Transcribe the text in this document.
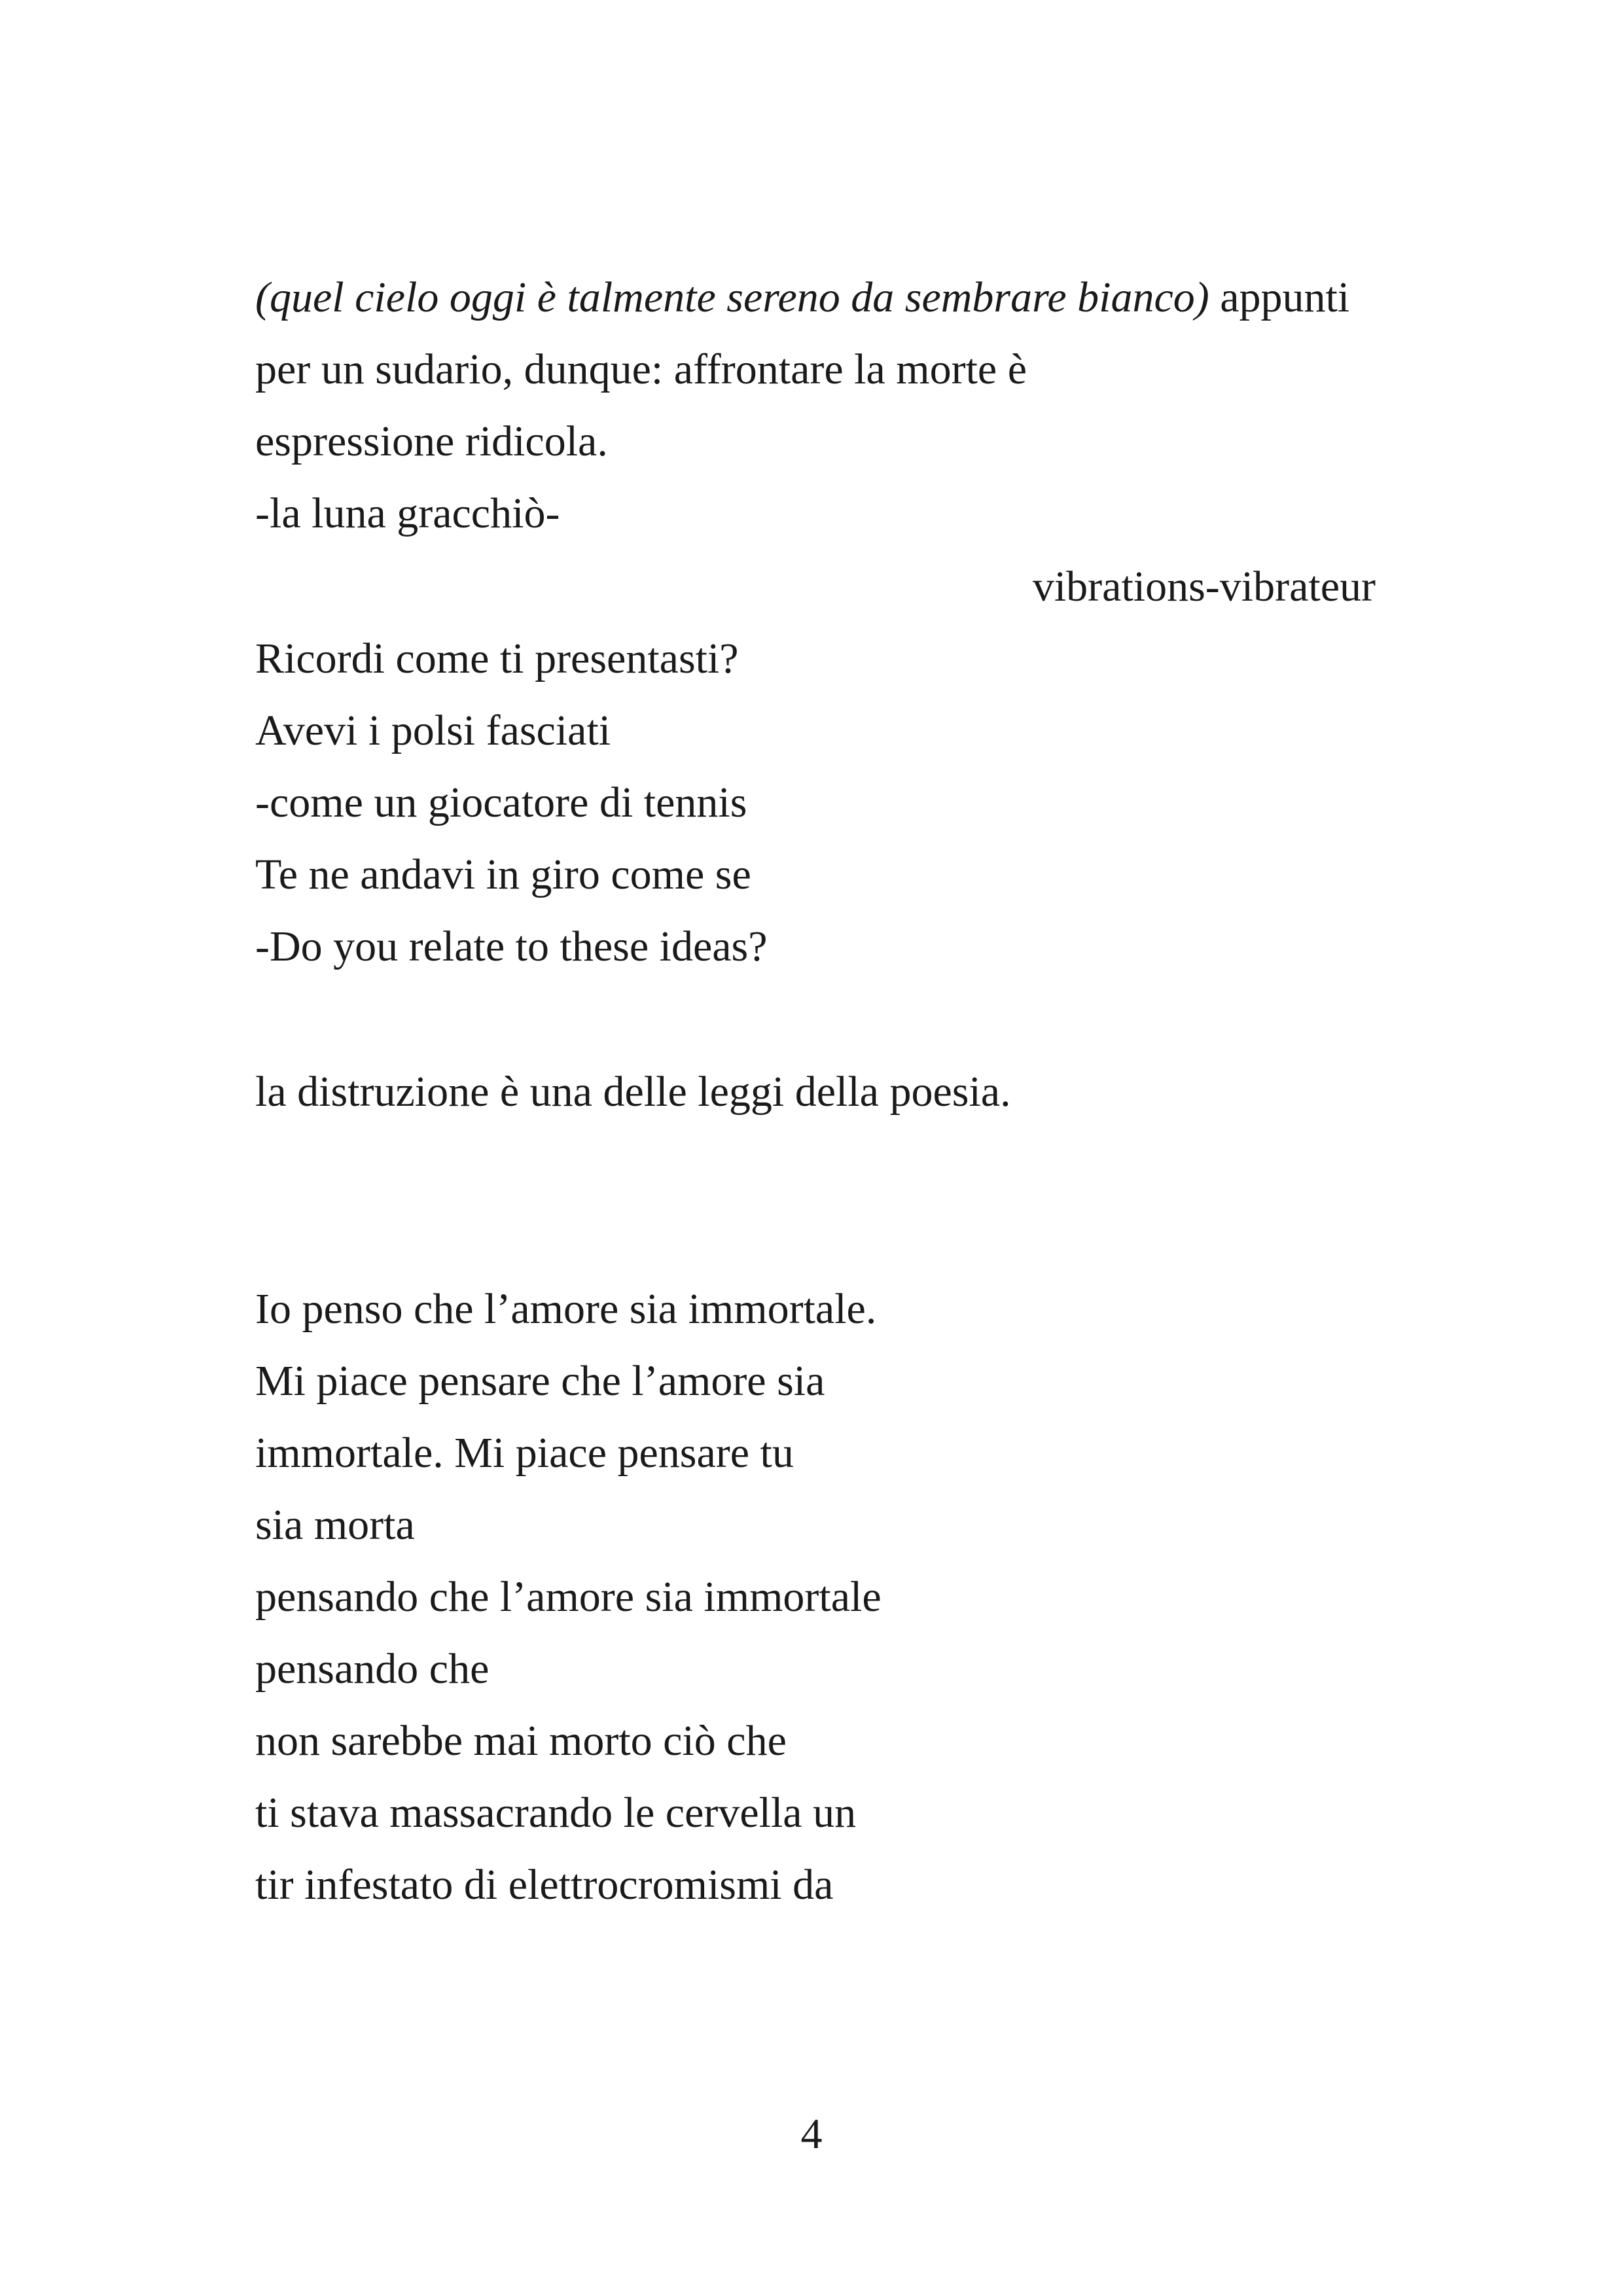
(quel cielo oggi è talmente sereno da sembrare bianco) appunti

per un sudario, dunque: affrontare la morte è

espressione ridicola.

-la luna gracchiò-

vibrations-vibrateur

Ricordi come ti presentasti?

Avevi i polsi fasciati

-come un giocatore di tennis

Te ne andavi in giro come se

-Do you relate to these ideas?

la distruzione è una delle leggi della poesia.

Io penso che l’amore sia immortale.

Mi piace pensare che l’amore sia

immortale. Mi piace pensare tu

sia morta

pensando che l’amore sia immortale

pensando che

non sarebbe mai morto ciò che

ti stava massacrando le cervella un

tir infestato di elettrocromismi da

4
